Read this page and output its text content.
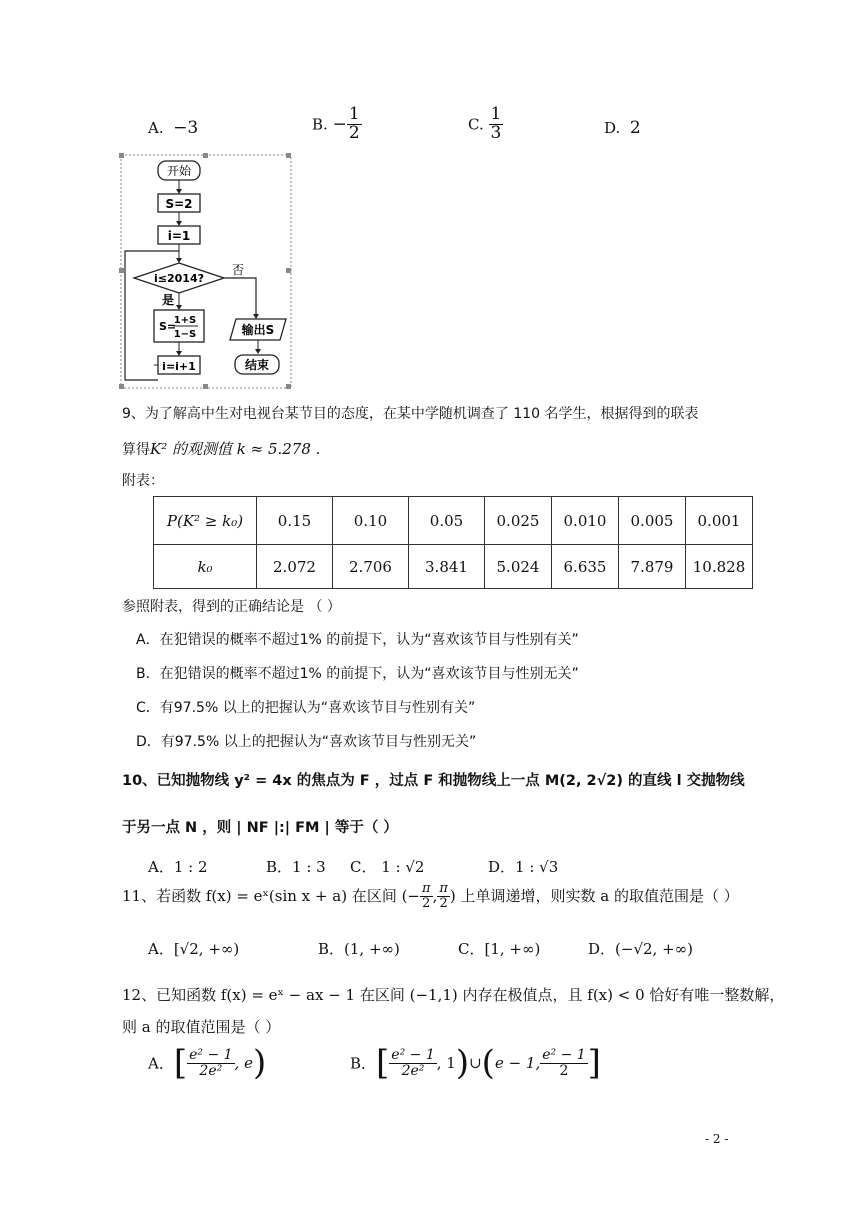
A. −3	B. − $\frac{1}{2}$	C. $\frac{1}{3}$	D. 2
开始
S=2
i=1
i≤2014?
否
是
S=
1+S
1−S
i=i+1
输出S
结束
9、为了解高中生对电视台某节目的态度，在某中学随机调查了 110 名学生，根据得到的联表
算得K² 的观测值 k ≈ 5.278 .
附表：
P(K² ≥ k₀)	0.15	0.10	0.05	0.025	0.010	0.005	0.001
k₀	2.072	2.706	3.841	5.024	6.635	7.879	10.828
参照附表，得到的正确结论是 （ ）
A．在犯错误的概率不超过1% 的前提下，认为“喜欢该节目与性别有关”
B．在犯错误的概率不超过1% 的前提下，认为“喜欢该节目与性别无关”
C．有97.5% 以上的把握认为“喜欢该节目与性别有关”
D．有97.5% 以上的把握认为“喜欢该节目与性别无关”
10、已知抛物线 y² = 4x 的焦点为 F ，过点 F 和抛物线上一点 M(2, 2√2) 的直线 l 交抛物线
于另一点 N ，则 | NF |:| FM | 等于（ ）
A．1 : 2	B．1 : 3 C． 1 : √2	D．1 : √3
11、若函数 f(x) = eˣ(sin x + a) 在区间 (− $\frac{\pi}{2}$ , $\frac{\pi}{2}$ ) 上单调递增，则实数 a 的取值范围是（ ）
A．[√2, +∞)	B．(1, +∞)	C．[1, +∞)	D．(−√2, +∞)
12、已知函数 f(x) = eˣ − ax − 1 在区间 (−1,1) 内存在极值点，且 f(x) < 0 恰好有唯一整数解，
则 a 的取值范围是（ ）
A．[ $\frac{\text{e² − 1}}{\text{2e²}}$ , e)	B．[ $\frac{\text{e² − 1}}{\text{2e²}}$ , 1)∪(e − 1, $\frac{\text{e² − 1}}{2}$ ]
- 2 -
